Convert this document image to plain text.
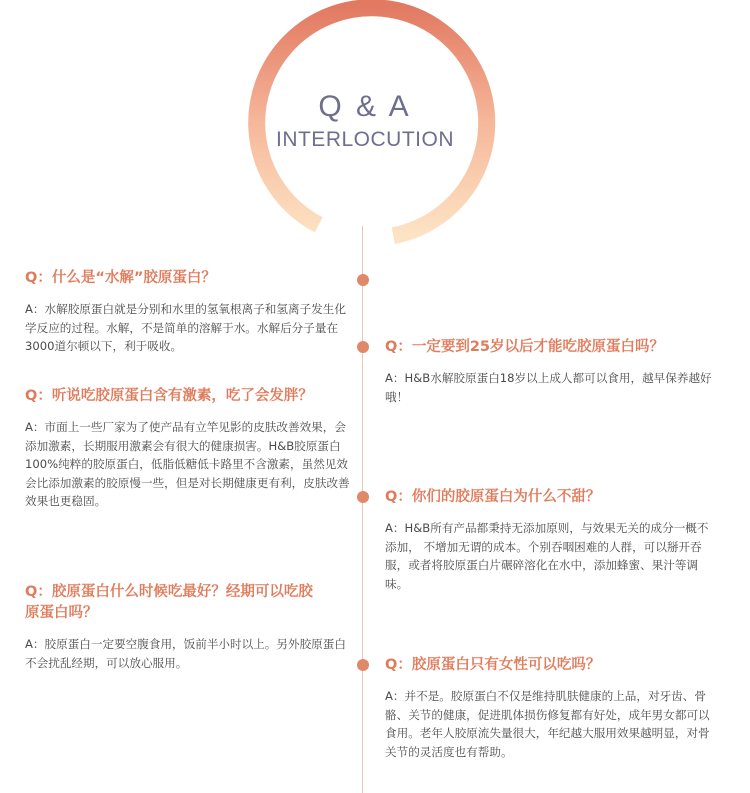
Q & A
INTERLOCUTION

Q：什么是“水解”胶原蛋白？

A：水解胶原蛋白就是分别和水里的氢氧根离子和氢离子发生化学反应的过程。水解，不是简单的溶解于水。水解后分子量在3000道尔顿以下，利于吸收。	Q：一定要到25岁以后才能吃胶原蛋白吗？

A：H&B水解胶原蛋白18岁以上成人都可以食用，越早保养越好哦！

Q：听说吃胶原蛋白含有激素，吃了会发胖？

A：市面上一些厂家为了使产品有立竿见影的皮肤改善效果，会添加激素，长期服用激素会有很大的健康损害。H&B胶原蛋白100%纯粹的胶原蛋白，低脂低糖低卡路里不含激素，虽然见效会比添加激素的胶原慢一些，但是对长期健康更有利，皮肤改善效果也更稳固。	Q：你们的胶原蛋白为什么不甜？

A：H&B所有产品都秉持无添加原则，与效果无关的成分一概不添加， 不增加无谓的成本。个别吞咽困难的人群，可以掰开吞服，或者将胶原蛋白片碾碎溶化在水中，添加蜂蜜、果汁等调味。

Q：胶原蛋白什么时候吃最好？经期可以吃胶原蛋白吗？

A：胶原蛋白一定要空腹食用，饭前半小时以上。另外胶原蛋白不会扰乱经期，可以放心服用。	Q：胶原蛋白只有女性可以吃吗？

A：并不是。胶原蛋白不仅是维持肌肤健康的上品，对牙齿、骨骼、关节的健康，促进肌体损伤修复都有好处，成年男女都可以食用。老年人胶原流失量很大，年纪越大服用效果越明显，对骨关节的灵活度也有帮助。
